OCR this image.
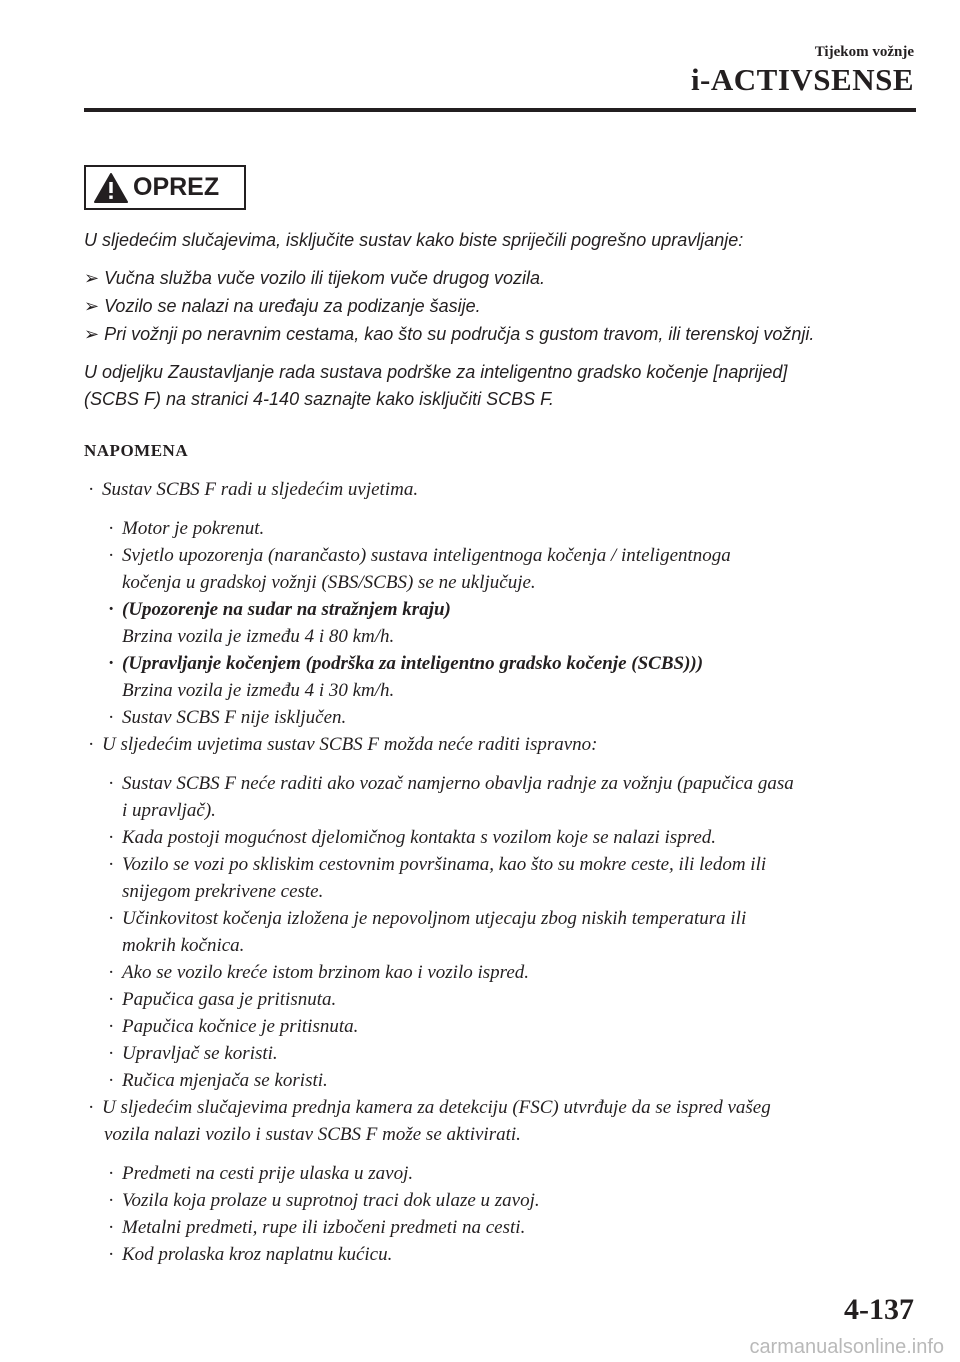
Tijekom vožnje
i-ACTIVSENSE
OPREZ
U sljedećim slučajevima, isključite sustav kako biste spriječili pogrešno upravljanje:
➢ Vučna služba vuče vozilo ili tijekom vuče drugog vozila.
➢ Vozilo se nalazi na uređaju za podizanje šasije.
➢ Pri vožnji po neravnim cestama, kao što su područja s gustom travom, ili terenskoj vožnji.
U odjeljku Zaustavljanje rada sustava podrške za inteligentno gradsko kočenje [naprijed]
(SCBS F) na stranici 4-140 saznajte kako isključiti SCBS F.
NAPOMENA
· Sustav SCBS F radi u sljedećim uvjetima.
· Motor je pokrenut.
· Svjetlo upozorenja (narančasto) sustava inteligentnoga kočenja / inteligentnoga
kočenja u gradskoj vožnji (SBS/SCBS) se ne uključuje.
· (Upozorenje na sudar na stražnjem kraju)
Brzina vozila je između 4 i 80 km/h.
· (Upravljanje kočenjem (podrška za inteligentno gradsko kočenje (SCBS)))
Brzina vozila je između 4 i 30 km/h.
· Sustav SCBS F nije isključen.
· U sljedećim uvjetima sustav SCBS F možda neće raditi ispravno:
· Sustav SCBS F neće raditi ako vozač namjerno obavlja radnje za vožnju (papučica gasa
i upravljač).
· Kada postoji mogućnost djelomičnog kontakta s vozilom koje se nalazi ispred.
· Vozilo se vozi po skliskim cestovnim površinama, kao što su mokre ceste, ili ledom ili
snijegom prekrivene ceste.
· Učinkovitost kočenja izložena je nepovoljnom utjecaju zbog niskih temperatura ili
mokrih kočnica.
· Ako se vozilo kreće istom brzinom kao i vozilo ispred.
· Papučica gasa je pritisnuta.
· Papučica kočnice je pritisnuta.
· Upravljač se koristi.
· Ručica mjenjača se koristi.
· U sljedećim slučajevima prednja kamera za detekciju (FSC) utvrđuje da se ispred vašeg
vozila nalazi vozilo i sustav SCBS F može se aktivirati.
· Predmeti na cesti prije ulaska u zavoj.
· Vozila koja prolaze u suprotnoj traci dok ulaze u zavoj.
· Metalni predmeti, rupe ili izbočeni predmeti na cesti.
· Kod prolaska kroz naplatnu kućicu.
4-137
carmanualsonline.info
